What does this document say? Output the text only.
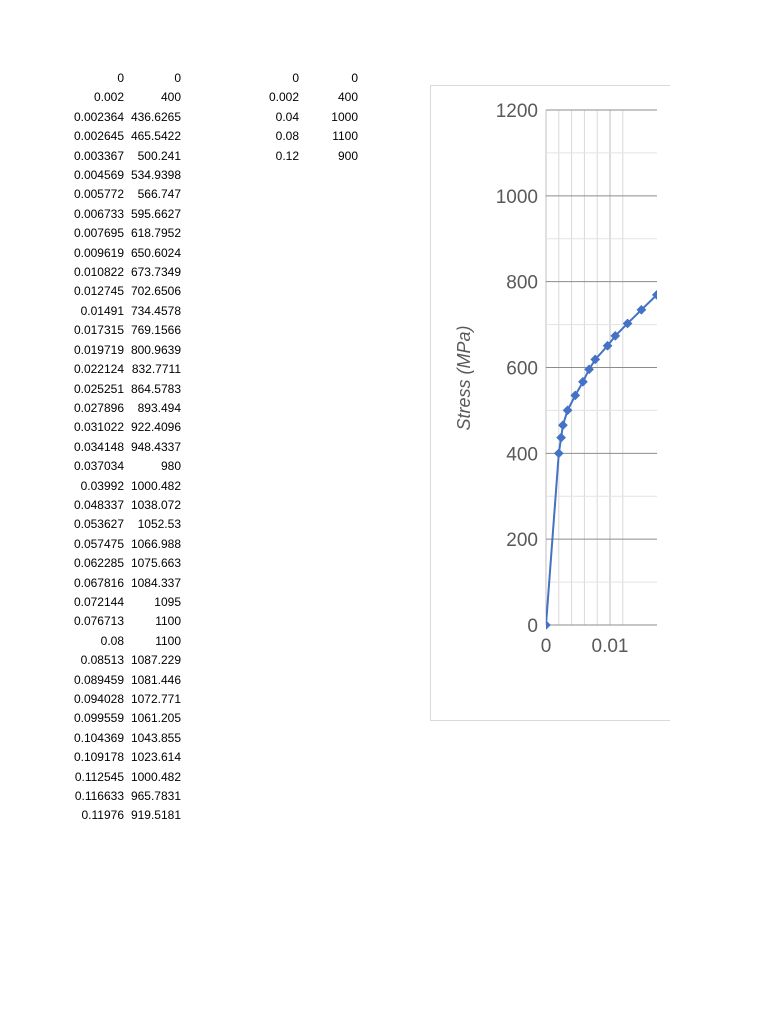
0	0
0.002	400
0.002364	436.6265
0.002645	465.5422
0.003367	500.241
0.004569	534.9398
0.005772	566.747
0.006733	595.6627
0.007695	618.7952
0.009619	650.6024
0.010822	673.7349
0.012745	702.6506
0.01491	734.4578
0.017315	769.1566
0.019719	800.9639
0.022124	832.7711
0.025251	864.5783
0.027896	893.494
0.031022	922.4096
0.034148	948.4337
0.037034	980
0.03992	1000.482
0.048337	1038.072
0.053627	1052.53
0.057475	1066.988
0.062285	1075.663
0.067816	1084.337
0.072144	1095
0.076713	1100
0.08	1100
0.08513	1087.229
0.089459	1081.446
0.094028	1072.771
0.099559	1061.205
0.104369	1043.855
0.109178	1023.614
0.112545	1000.482
0.116633	965.7831
0.11976	919.5181
0	0
0.002	400
0.04	1000
0.08	1100
0.12	900
0
200
400
600
800
1000
1200
0 0.01
Stress (MPa)
